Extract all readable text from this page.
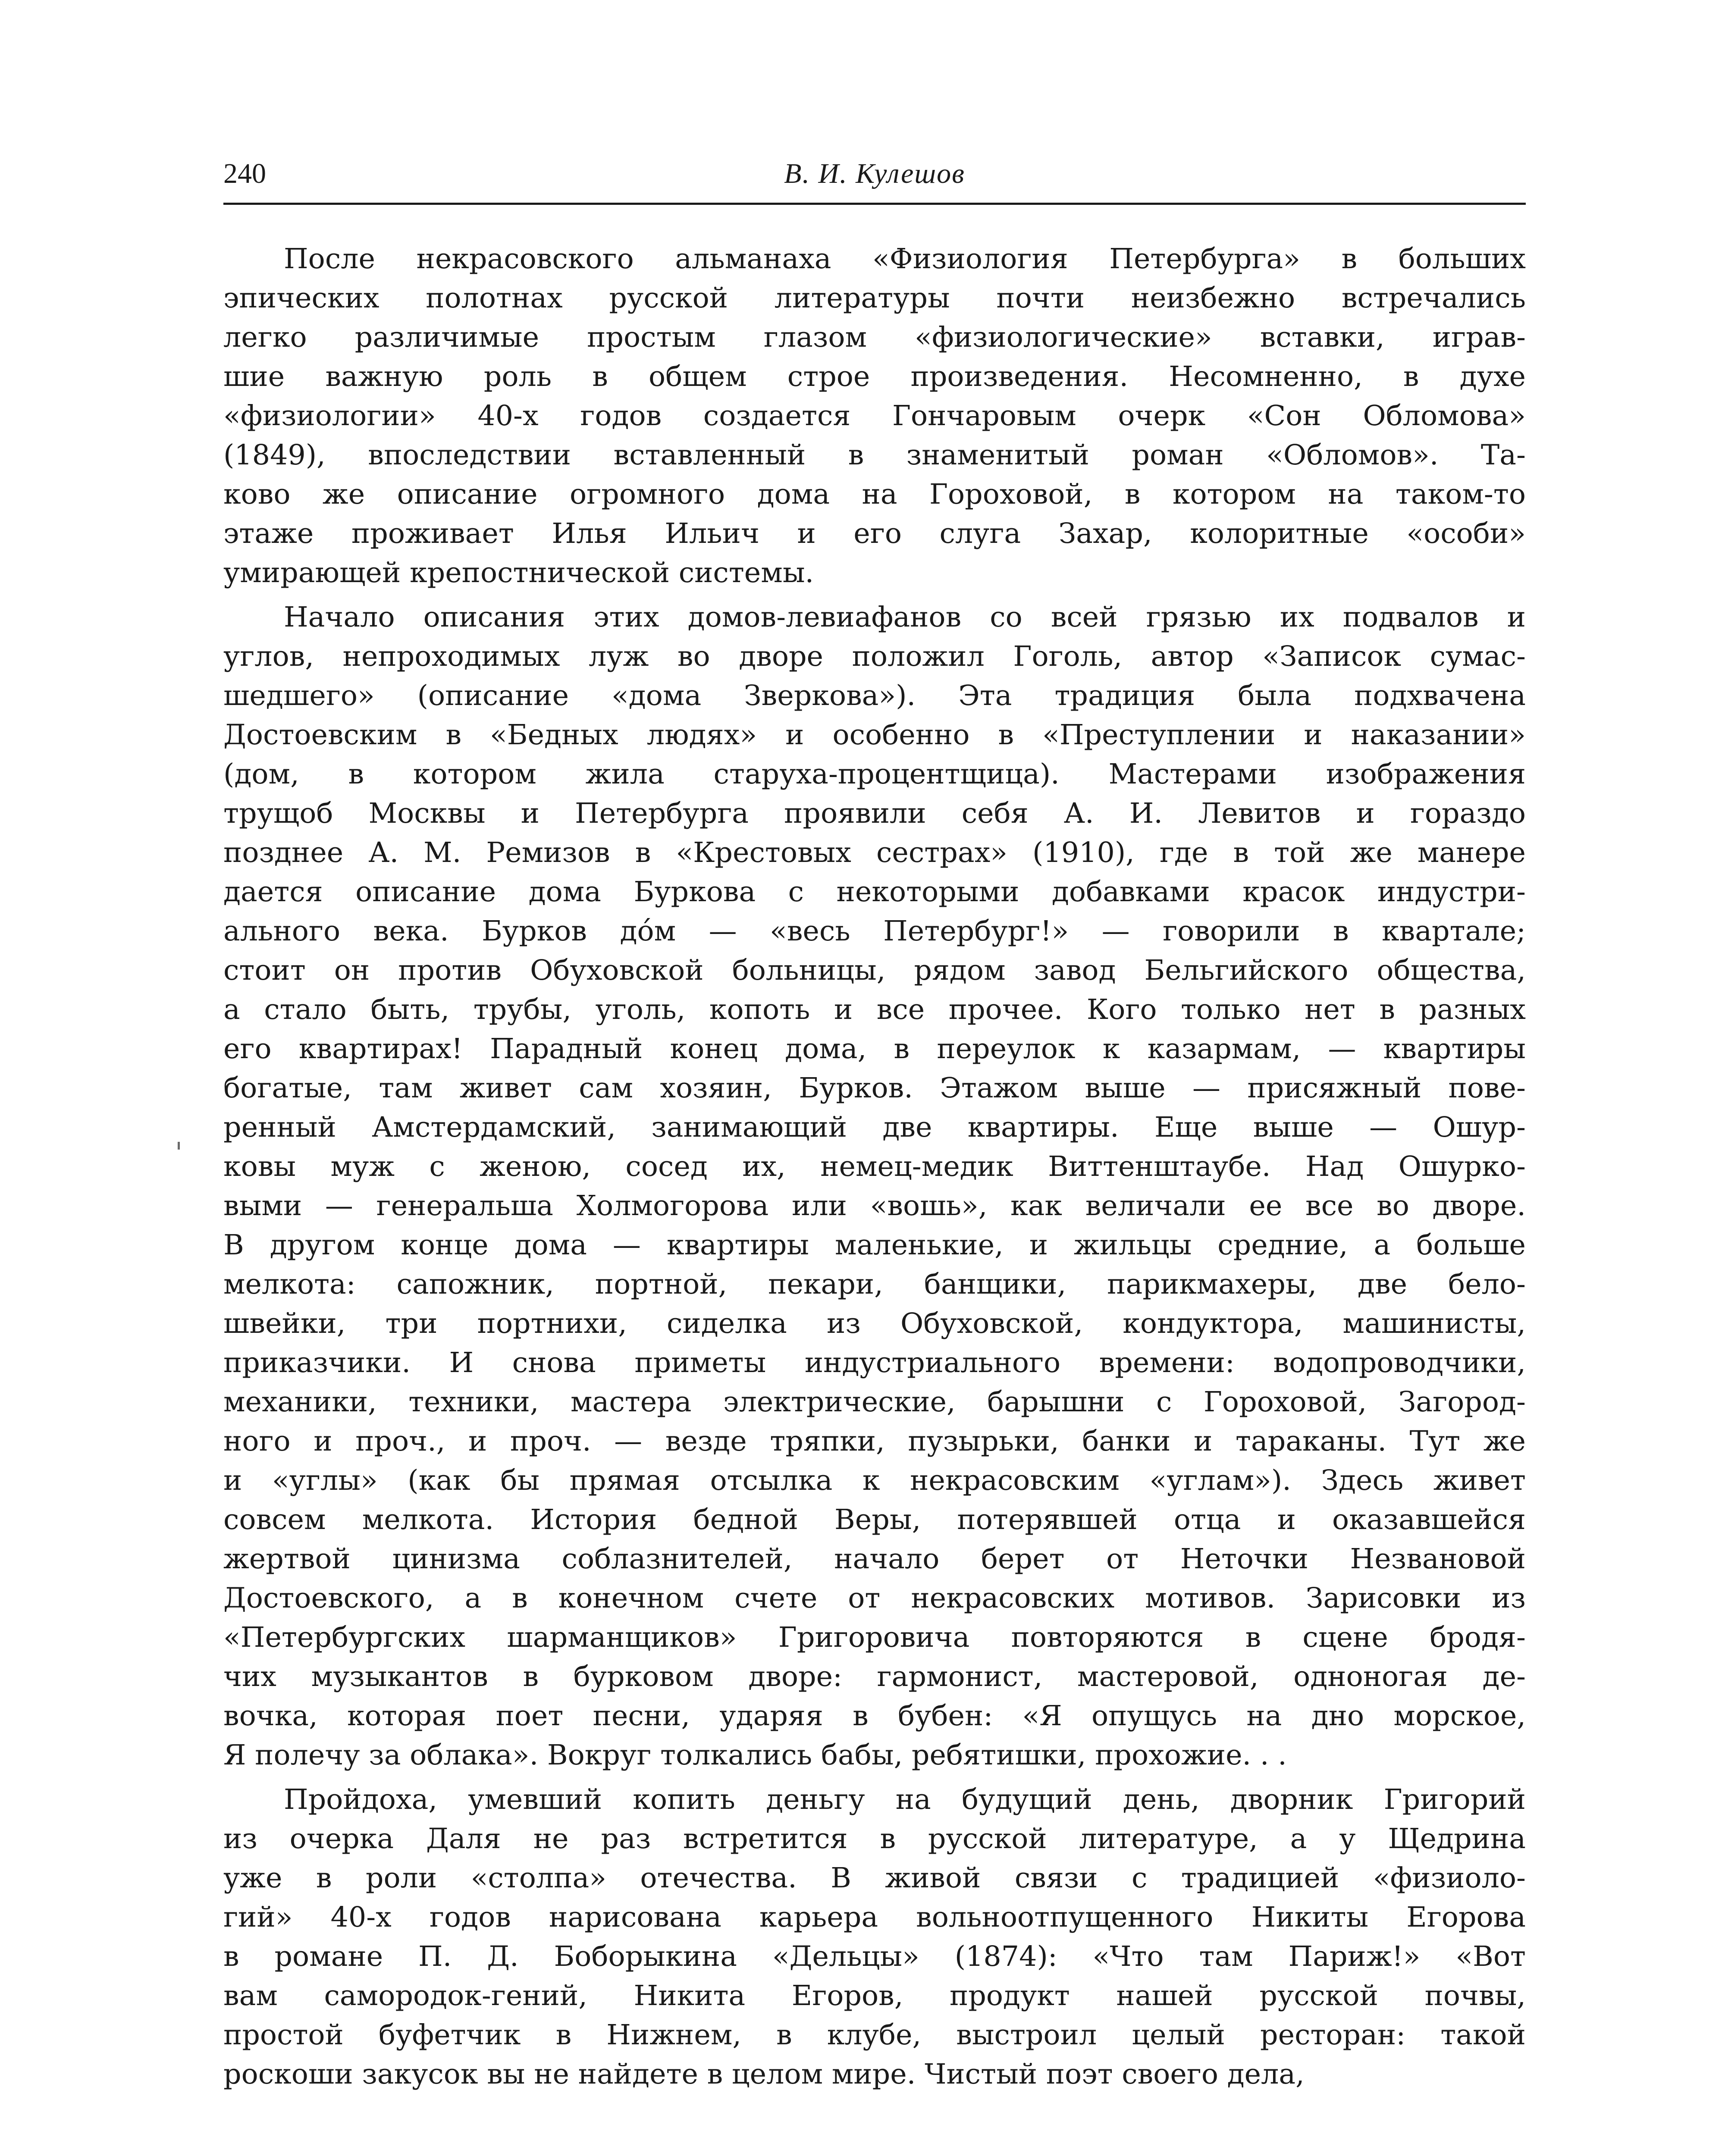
240	В. И. Кулешов
После некрасовского альманаха «Физиология Петербурга» в больших
эпических полотнах русской литературы почти неизбежно встречались
легко различимые простым глазом «физиологические» вставки, играв-
шие важную роль в общем строе произведения. Несомненно, в духе
«физиологии» 40-х годов создается Гончаровым очерк «Сон Обломова»
(1849), впоследствии вставленный в знаменитый роман «Обломов». Та-
ково же описание огромного дома на Гороховой, в котором на таком-то
этаже проживает Илья Ильич и его слуга Захар, колоритные «особи»
умирающей крепостнической системы.
Начало описания этих домов-левиафанов со всей грязью их подвалов и
углов, непроходимых луж во дворе положил Гоголь, автор «Записок сумас-
шедшего» (описание «дома Зверкова»). Эта традиция была подхвачена
Достоевским в «Бедных людях» и особенно в «Преступлении и наказании»
(дом, в котором жила старуха-процентщица). Мастерами изображения
трущоб Москвы и Петербурга проявили себя А. И. Левитов и гораздо
позднее А. М. Ремизов в «Крестовых сестрах» (1910), где в той же манере
дается описание дома Буркова с некоторыми добавками красок индустри-
ального века. Бурков до́м — «весь Петербург!» — говорили в квартале;
стоит он против Обуховской больницы, рядом завод Бельгийского общества,
а стало быть, трубы, уголь, копоть и все прочее. Кого только нет в разных
его квартирах! Парадный конец дома, в переулок к казармам, — квартиры
богатые, там живет сам хозяин, Бурков. Этажом выше — присяжный пове-
ренный Амстердамский, занимающий две квартиры. Еще выше — Ошур-
ковы муж с женою, сосед их, немец-медик Виттенштаубе. Над Ошурко-
выми — генеральша Холмогорова или «вошь», как величали ее все во дворе.
В другом конце дома — квартиры маленькие, и жильцы средние, а больше
мелкота: сапожник, портной, пекари, банщики, парикмахеры, две бело-
швейки, три портнихи, сиделка из Обуховской, кондуктора, машинисты,
приказчики. И снова приметы индустриального времени: водопроводчики,
механики, техники, мастера электрические, барышни с Гороховой, Загород-
ного и проч., и проч. — везде тряпки, пузырьки, банки и тараканы. Тут же
и «углы» (как бы прямая отсылка к некрасовским «углам»). Здесь живет
совсем мелкота. История бедной Веры, потерявшей отца и оказавшейся
жертвой цинизма соблазнителей, начало берет от Неточки Незвановой
Достоевского, а в конечном счете от некрасовских мотивов. Зарисовки из
«Петербургских шарманщиков» Григоровича повторяются в сцене бродя-
чих музыкантов в бурковом дворе: гармонист, мастеровой, одноногая де-
вочка, которая поет песни, ударяя в бубен: «Я опущусь на дно морское,
Я полечу за облака». Вокруг толкались бабы, ребятишки, прохожие. . .
Пройдоха, умевший копить деньгу на будущий день, дворник Григорий
из очерка Даля не раз встретится в русской литературе, а у Щедрина
уже в роли «столпа» отечества. В живой связи с традицией «физиоло-
гий» 40-х годов нарисована карьера вольноотпущенного Никиты Егорова
в романе П. Д. Боборыкина «Дельцы» (1874): «Что там Париж!» «Вот
вам самородок-гений, Никита Егоров, продукт нашей русской почвы,
простой буфетчик в Нижнем, в клубе, выстроил целый ресторан: такой
роскоши закусок вы не найдете в целом мире. Чистый поэт своего дела,
